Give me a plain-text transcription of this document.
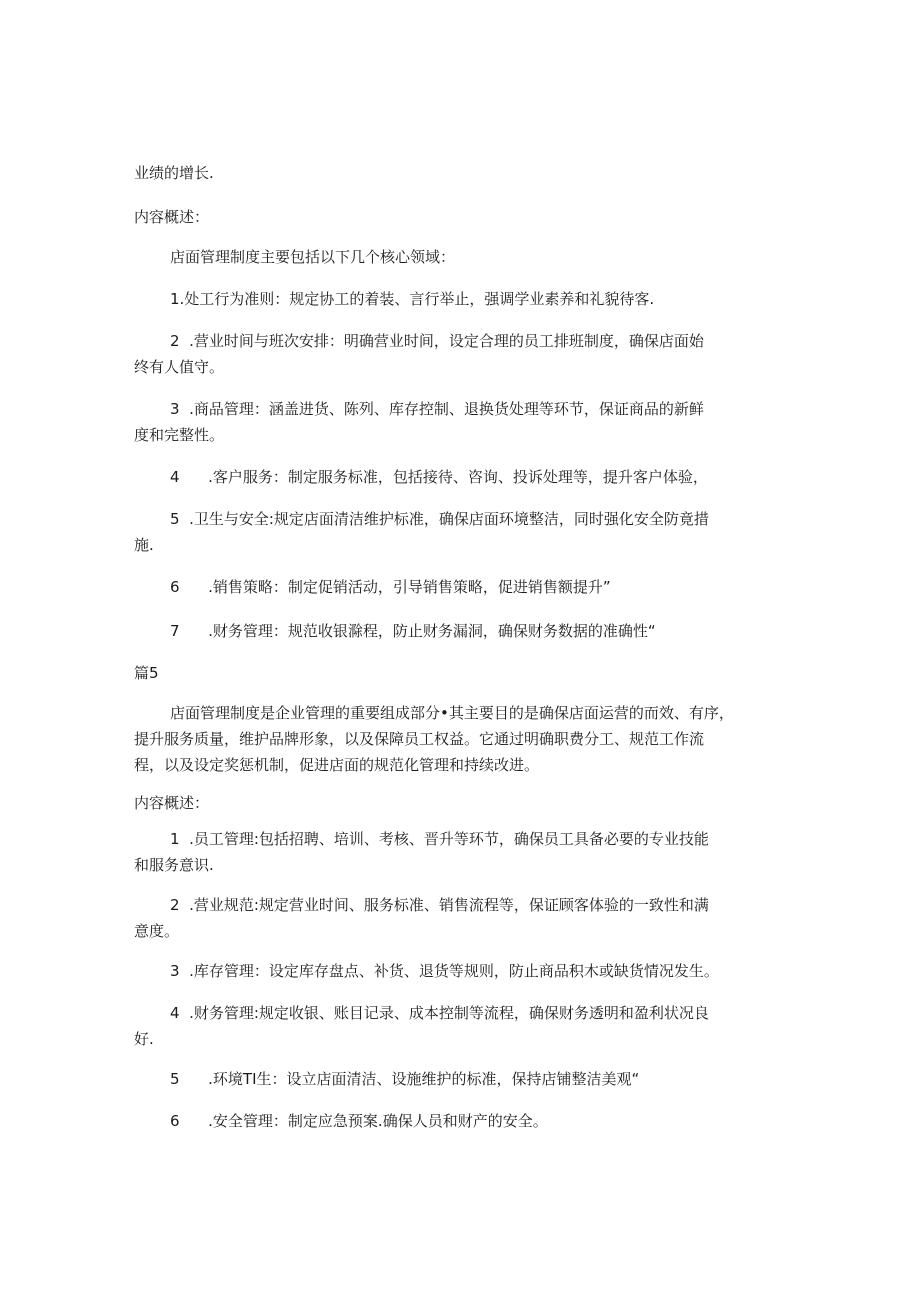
业绩的增长.

内容概述：

店面管理制度主要包括以下几个核心领域：

1.处工行为准则：规定协工的着装、言行举止，强调学业素养和礼貌待客.

2  .营业时间与班次安排：明确营业时间，设定合理的员工排班制度，确保店面始
终有人值守。

3  .商品管理：涵盖进货、陈列、库存控制、退换货处理等环节，保证商品的新鲜
度和完整性。

4      .客户服务：制定服务标准，包括接待、咨询、投诉处理等，提升客户体验，

5  .卫生与安全:规定店面清洁维护标准，确保店面环境整洁，同时强化安全防竟措
施.

6      .销售策略：制定促销活动，引导销售策略，促进销售额提升”

7      .财务管理：规范收银滁程，防止财务漏洞，确保财务数据的准确性“

篇5

店面管理制度是企业管理的重要组成部分•其主要目的是确保店面运营的而效、有序，
提升服务质量，维护品牌形象，以及保障员工权益。它通过明确职费分工、规范工作流
程，以及设定奖惩机制，促进店面的规范化管理和持续改进。

内容概述：

1  .员工管理:包括招聘、培训、考核、晋升等环节，确保员工具备必要的专业技能
和服务意识.

2  .营业规范:规定营业时间、服务标准、销售流程等，保证顾客体验的一致性和满
意度。

3  .库存管理：设定库存盘点、补货、退货等规则，防止商品积木或缺货情况发生。

4  .财务管理:规定收银、账目记录、成本控制等流程，确保财务透明和盈利状况良
好.

5      .环境TI生：设立店面清洁、设施维护的标准，保持店铺整洁美观“

6      .安全管理：制定应急预案.确保人员和财产的安全。
